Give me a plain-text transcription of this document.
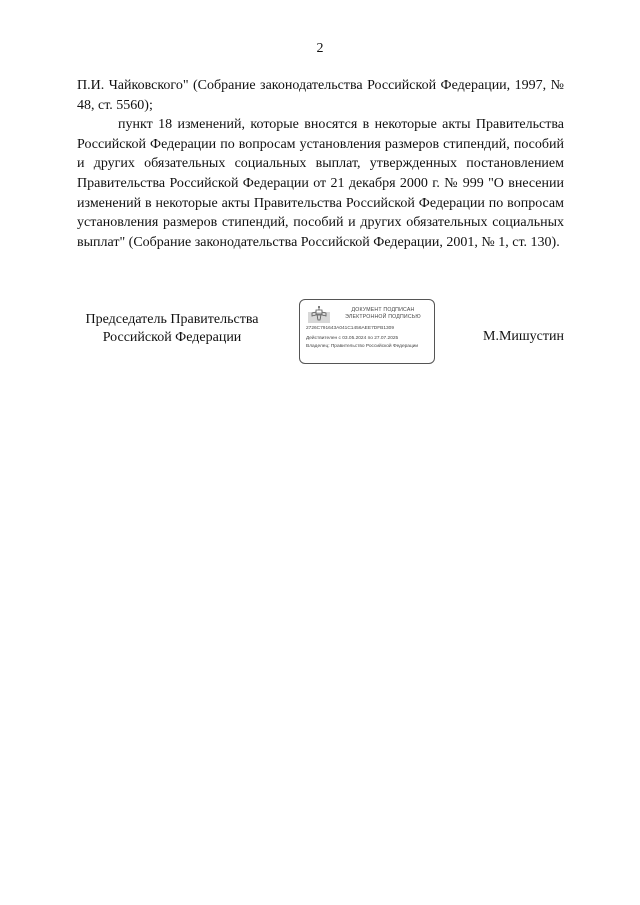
2

П.И. Чайковского" (Собрание законодательства Российской Федерации, 1997, № 48, ст. 5560);

пункт 18 изменений, которые вносятся в некоторые акты Правительства Российской Федерации по вопросам установления размеров стипендий, пособий и других обязательных социальных выплат, утвержденных постановлением Правительства Российской Федерации от 21 декабря 2000 г. № 999 "О внесении изменений в некоторые акты Правительства Российской Федерации по вопросам установления размеров стипендий, пособий и других обязательных социальных выплат" (Собрание законодательства Российской Федерации, 2001, № 1, ст. 130).

Председатель Правительства
Российской Федерации
ДОКУМЕНТ ПОДПИСАН
ЭЛЕКТРОННОЙ ПОДПИСЬЮ
2726C791643A041C1456AEE7DFB1309
Действителен с 03.05.2024 по 27.07.2025
Владелец: Правительство Российской Федерации
М.Мишустин
